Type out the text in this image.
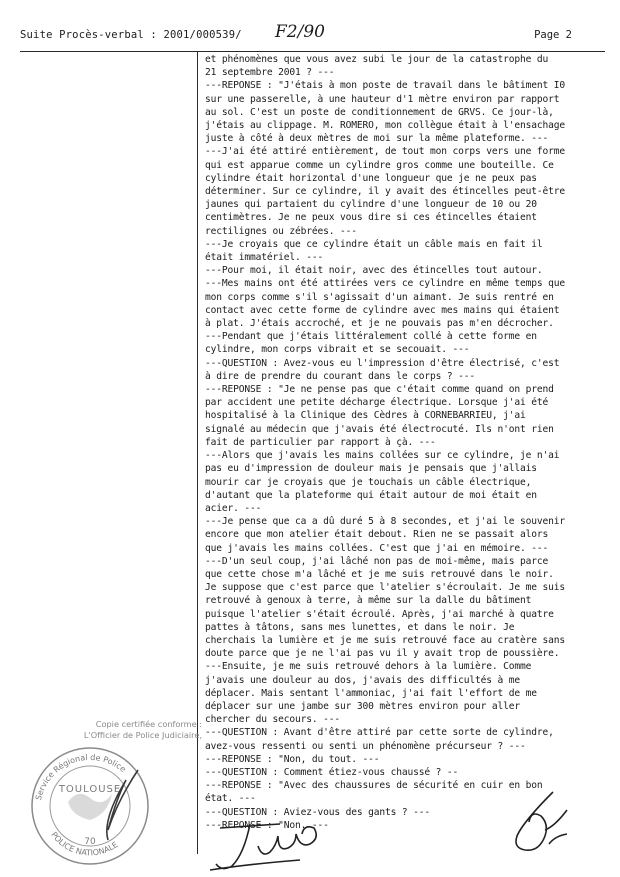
Suite Procès-verbal : 2001/000539/ F2/90	Page 2
et phénomènes que vous avez subi le jour de la catastrophe du
21 septembre 2001 ? ---
---REPONSE : "J'étais à mon poste de travail dans le bâtiment I0
sur une passerelle, à une hauteur d'1 mètre environ par rapport
au sol. C'est un poste de conditionnement de GRVS. Ce jour-là,
j'étais au clippage. M. ROMERO, mon collègue était à l'ensachage
juste à côté à deux mètres de moi sur la même plateforme. ---
---J'ai été attiré entièrement, de tout mon corps vers une forme
qui est apparue comme un cylindre gros comme une bouteille. Ce
cylindre était horizontal d'une longueur que je ne peux pas
déterminer. Sur ce cylindre, il y avait des étincelles peut-être
jaunes qui partaient du cylindre d'une longueur de 10 ou 20
centimètres. Je ne peux vous dire si ces étincelles étaient
rectilignes ou zébrées. ---
---Je croyais que ce cylindre était un câble mais en fait il
était immatériel. ---
---Pour moi, il était noir, avec des étincelles tout autour.
---Mes mains ont été attirées vers ce cylindre en même temps que
mon corps comme s'il s'agissait d'un aimant. Je suis rentré en
contact avec cette forme de cylindre avec mes mains qui étaient
à plat. J'étais accroché, et je ne pouvais pas m'en décrocher.
---Pendant que j'étais littéralement collé à cette forme en
cylindre, mon corps vibrait et se secouait. ---
---QUESTION : Avez-vous eu l'impression d'être électrisé, c'est
à dire de prendre du courant dans le corps ? ---
---REPONSE : "Je ne pense pas que c'était comme quand on prend
par accident une petite décharge électrique. Lorsque j'ai été
hospitalisé à la Clinique des Cèdres à CORNEBARRIEU, j'ai
signalé au médecin que j'avais été électrocuté. Ils n'ont rien
fait de particulier par rapport à çà. ---
---Alors que j'avais les mains collées sur ce cylindre, je n'ai
pas eu d'impression de douleur mais je pensais que j'allais
mourir car je croyais que je touchais un câble électrique,
d'autant que la plateforme qui était autour de moi était en
acier. ---
---Je pense que ca a dû duré 5 à 8 secondes, et j'ai le souvenir
encore que mon atelier était debout. Rien ne se passait alors
que j'avais les mains collées. C'est que j'ai en mémoire. ---
---D'un seul coup, j'ai lâché non pas de moi-même, mais parce
que cette chose m'a lâché et je me suis retrouvé dans le noir.
Je suppose que c'est parce que l'atelier s'écroulait. Je me suis
retrouvé à genoux à terre, à même sur la dalle du bâtiment
puisque l'atelier s'était écroulé. Après, j'ai marché à quatre
pattes à tâtons, sans mes lunettes, et dans le noir. Je
cherchais la lumière et je me suis retrouvé face au cratère sans
doute parce que je ne l'ai pas vu il y avait trop de poussière.
---Ensuite, je me suis retrouvé dehors à la lumière. Comme
j'avais une douleur au dos, j'avais des difficultés à me
déplacer. Mais sentant l'ammoniac, j'ai fait l'effort de me
déplacer sur une jambe sur 300 mètres environ pour aller
chercher du secours. ---
---QUESTION : Avant d'être attiré par cette sorte de cylindre,
avez-vous ressenti ou senti un phénomène précurseur ? ---
---REPONSE : "Non, du tout. ---
---QUESTION : Comment étiez-vous chaussé ? --
---REPONSE : "Avec des chaussures de sécurité en cuir en bon
état. ---
---QUESTION : Aviez-vous des gants ? ---
---REPONSE : "Non. ---
Copie certifiée conforme :
L'Officier de Police Judiciaire,
Service Régional de Police
POLICE NATIONALE
TOULOUSE
70
